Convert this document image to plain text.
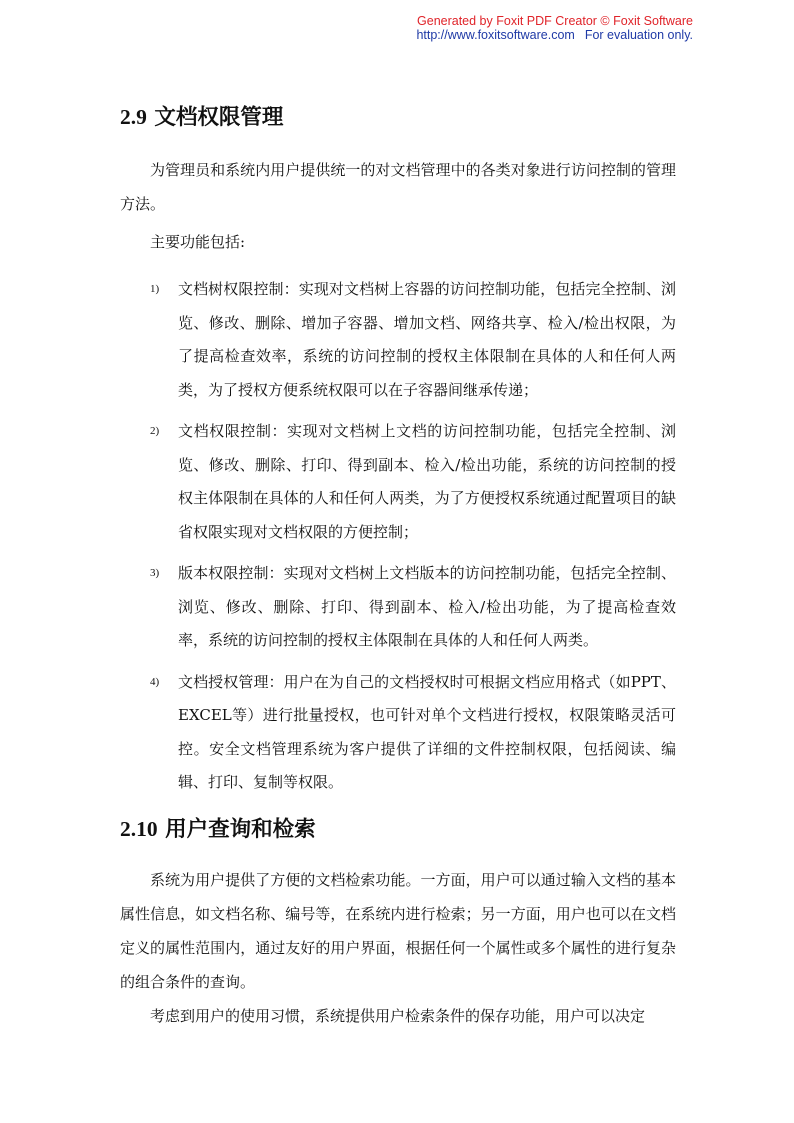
Generated by Foxit PDF Creator © Foxit Software
http://www.foxitsoftware.com For evaluation only.
2.9 文档权限管理

为管理员和系统内用户提供统一的对文档管理中的各类对象进行访问控制的管理方法。

主要功能包括:

1) 文档树权限控制：实现对文档树上容器的访问控制功能，包括完全控制、浏览、修改、删除、增加子容器、增加文档、网络共享、检入/检出权限，为了提高检查效率，系统的访问控制的授权主体限制在具体的人和任何人两类，为了授权方便系统权限可以在子容器间继承传递；
2) 文档权限控制：实现对文档树上文档的访问控制功能，包括完全控制、浏览、修改、删除、打印、得到副本、检入/检出功能，系统的访问控制的授权主体限制在具体的人和任何人两类，为了方便授权系统通过配置项目的缺省权限实现对文档权限的方便控制；
3) 版本权限控制：实现对文档树上文档版本的访问控制功能，包括完全控制、浏览、修改、删除、打印、得到副本、检入/检出功能，为了提高检查效率，系统的访问控制的授权主体限制在具体的人和任何人两类。
4) 文档授权管理：用户在为自己的文档授权时可根据文档应用格式（如PPT、EXCEL等）进行批量授权，也可针对单个文档进行授权，权限策略灵活可控。安全文档管理系统为客户提供了详细的文件控制权限，包括阅读、编辑、打印、复制等权限。
2.10 用户查询和检索

系统为用户提供了方便的文档检索功能。一方面，用户可以通过输入文档的基本属性信息，如文档名称、编号等，在系统内进行检索；另一方面，用户也可以在文档定义的属性范围内，通过友好的用户界面，根据任何一个属性或多个属性的进行复杂的组合条件的查询。

考虑到用户的使用习惯，系统提供用户检索条件的保存功能，用户可以决定
